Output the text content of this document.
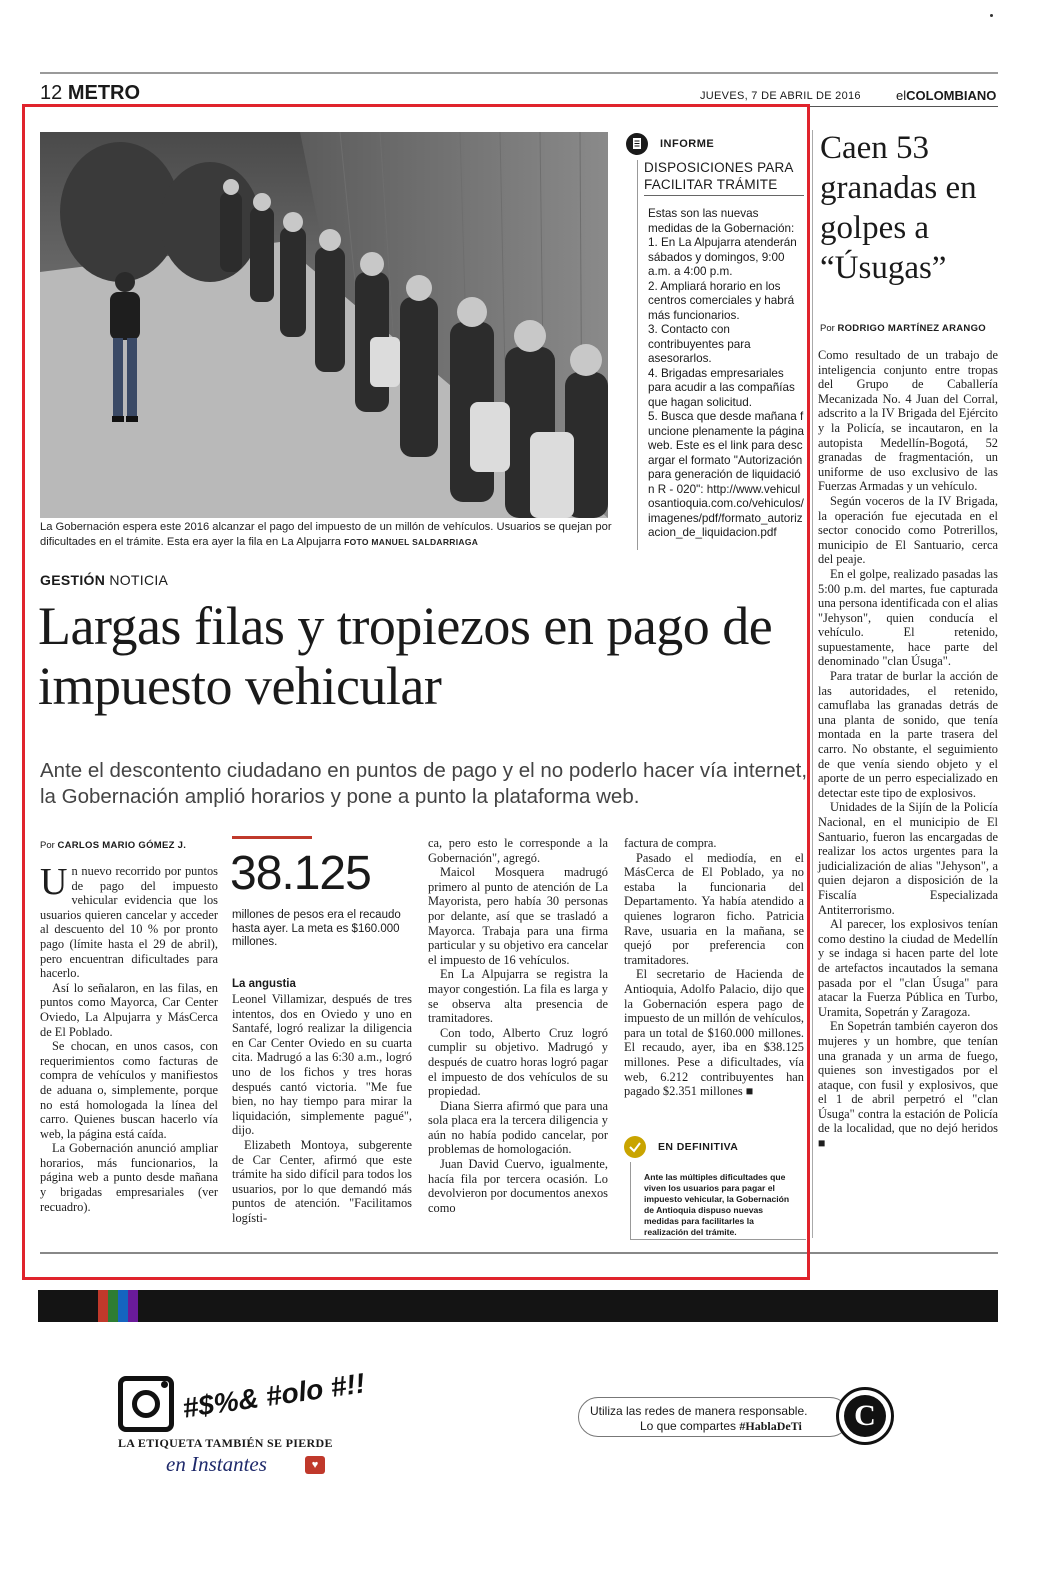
12 METRO	JUEVES, 7 DE ABRIL DE 2016	elCOLOMBIANO
La Gobernación espera este 2016 alcanzar el pago del impuesto de un millón de vehículos. Usuarios se quejan por dificultades en el trámite. Esta era ayer la fila en La Alpujarra FOTO MANUEL SALDARRIAGA
INFORME
DISPOSICIONES PARA FACILITAR TRÁMITE
Estas son las nuevas medidas de la Gobernación:
1. En La Alpujarra atenderán sábados y domingos, 9:00 a.m. a 4:00 p.m.
2. Ampliará horario en los centros comerciales y habrá más funcionarios.
3. Contacto con contribuyentes para asesorarlos.
4. Brigadas empresariales para acudir a las compañías que hagan solicitud.
5. Busca que desde mañana funcione plenamente la página web. Este es el link para descargar el formato "Autorización para generación de liquidación R - 020": http://www.vehiculosantioquia.com.co/vehiculos/imagenes/pdf/formato_autorizacion_de_liquidacion.pdf
GESTIÓN NOTICIA
Largas filas y tropiezos en pago de impuesto vehicular
Ante el descontento ciudadano en puntos de pago y el no poderlo hacer vía internet, la Gobernación amplió horarios y pone a punto la plataforma web.
Por CARLOS MARIO GÓMEZ J.

Un nuevo recorrido por puntos de pago del impuesto vehicular evidencia que los usuarios quieren cancelar y acceder al descuento del 10 % por pronto pago (límite hasta el 29 de abril), pero encuentran dificultades para hacerlo.

Así lo señalaron, en las filas, en puntos como Mayorca, Car Center Oviedo, La Alpujarra y MásCerca de El Poblado.

Se chocan, en unos casos, con requerimientos como facturas de compra de vehículos y manifiestos de aduana o, simplemente, porque no está homologada la línea del carro. Quienes buscan hacerlo vía web, la página está caída.

La Gobernación anunció ampliar horarios, más funcionarios, la página web a punto desde mañana y brigadas empresariales (ver recuadro).

38.125
millones de pesos era el recaudo hasta ayer. La meta es $160.000 millones.
La angustia

Leonel Villamizar, después de tres intentos, dos en Oviedo y uno en Santafé, logró realizar la diligencia en Car Center Oviedo en su cuarta cita. Madrugó a las 6:30 a.m., logró uno de los fichos y tres horas después cantó victoria. "Me fue bien, no hay tiempo para mirar la liquidación, simplemente pagué", dijo.

Elizabeth Montoya, subgerente de Car Center, afirmó que este trámite ha sido difícil para todos los usuarios, por lo que demandó más puntos de atención. "Facilitamos logísti-

ca, pero esto le corresponde a la Gobernación", agregó.

Maicol Mosquera madrugó primero al punto de atención de La Mayorista, pero había 30 personas por delante, así que se trasladó a Mayorca. Trabaja para una firma particular y su objetivo era cancelar el impuesto de 16 vehículos.

En La Alpujarra se registra la mayor congestión. La fila es larga y se observa alta presencia de tramitadores.

Con todo, Alberto Cruz logró cumplir su objetivo. Madrugó y después de cuatro horas logró pagar el impuesto de dos vehículos de su propiedad.

Diana Sierra afirmó que para una sola placa era la tercera diligencia y aún no había podido cancelar, por problemas de homologación.

Juan David Cuervo, igualmente, hacía fila por tercera ocasión. Lo devolvieron por documentos anexos como

factura de compra.

Pasado el mediodía, en el MásCerca de El Poblado, ya no estaba la funcionaria del Departamento. Ya había atendido a quienes lograron ficho. Patricia Rave, usuaria en la mañana, se quejó por preferencia con tramitadores.

El secretario de Hacienda de Antioquia, Adolfo Palacio, dijo que la Gobernación espera pago de impuesto de un millón de vehículos, para un total de $160.000 millones. El recaudo, ayer, iba en $38.125 millones. Pese a dificultades, vía web, 6.212 contribuyentes han pagado $2.351 millones ■

EN DEFINITIVA
Ante las múltiples dificultades que viven los usuarios para pagar el impuesto vehicular, la Gobernación de Antioquia dispuso nuevas medidas para facilitarles la realización del trámite.
Caen 53 granadas en golpes a “Úsugas”
Por RODRIGO MARTÍNEZ ARANGO

Como resultado de un trabajo de inteligencia conjunto entre tropas del Grupo de Caballería Mecanizada No. 4 Juan del Corral, adscrito a la IV Brigada del Ejército y la Policía, se incautaron, en la autopista Medellín-Bogotá, 52 granadas de fragmentación, un uniforme de uso exclusivo de las Fuerzas Armadas y un vehículo.

Según voceros de la IV Brigada, la operación fue ejecutada en el sector conocido como Potrerillos, municipio de El Santuario, cerca del peaje.

En el golpe, realizado pasadas las 5:00 p.m. del martes, fue capturada una persona identificada con el alias "Jehyson", quien conducía el vehículo. El retenido, supuestamente, hace parte del denominado "clan Úsuga".

Para tratar de burlar la acción de las autoridades, el retenido, camuflaba las granadas detrás de una planta de sonido, que tenía montada en la parte trasera del carro. No obstante, el seguimiento de que venía siendo objeto y el aporte de un perro especializado en detectar este tipo de explosivos.

Unidades de la Sijín de la Policía Nacional, en el municipio de El Santuario, fueron las encargadas de realizar los actos urgentes para la judicialización de alias "Jehyson", a quien dejaron a disposición de la Fiscalía Especializada Antiterrorismo.

Al parecer, los explosivos tenían como destino la ciudad de Medellín y se indaga si hacen parte del lote de artefactos incautados la semana pasada por el "clan Úsuga" para atacar la Fuerza Pública en Turbo, Uramita, Sopetrán y Zaragoza.

En Sopetrán también cayeron dos mujeres y un hombre, que tenían una granada y un arma de fuego, quienes son investigados por el ataque, con fusil y explosivos, que el 1 de abril perpetró el "clan Úsuga" contra la estación de Policía de la localidad, que no dejó heridos ■

#$%& #olo #!!
LA ETIQUETA TAMBIÉN SE PIERDE
en Instantes	♥
Utiliza las redes de manera responsable.
Lo que compartes #HablaDeTi	C
